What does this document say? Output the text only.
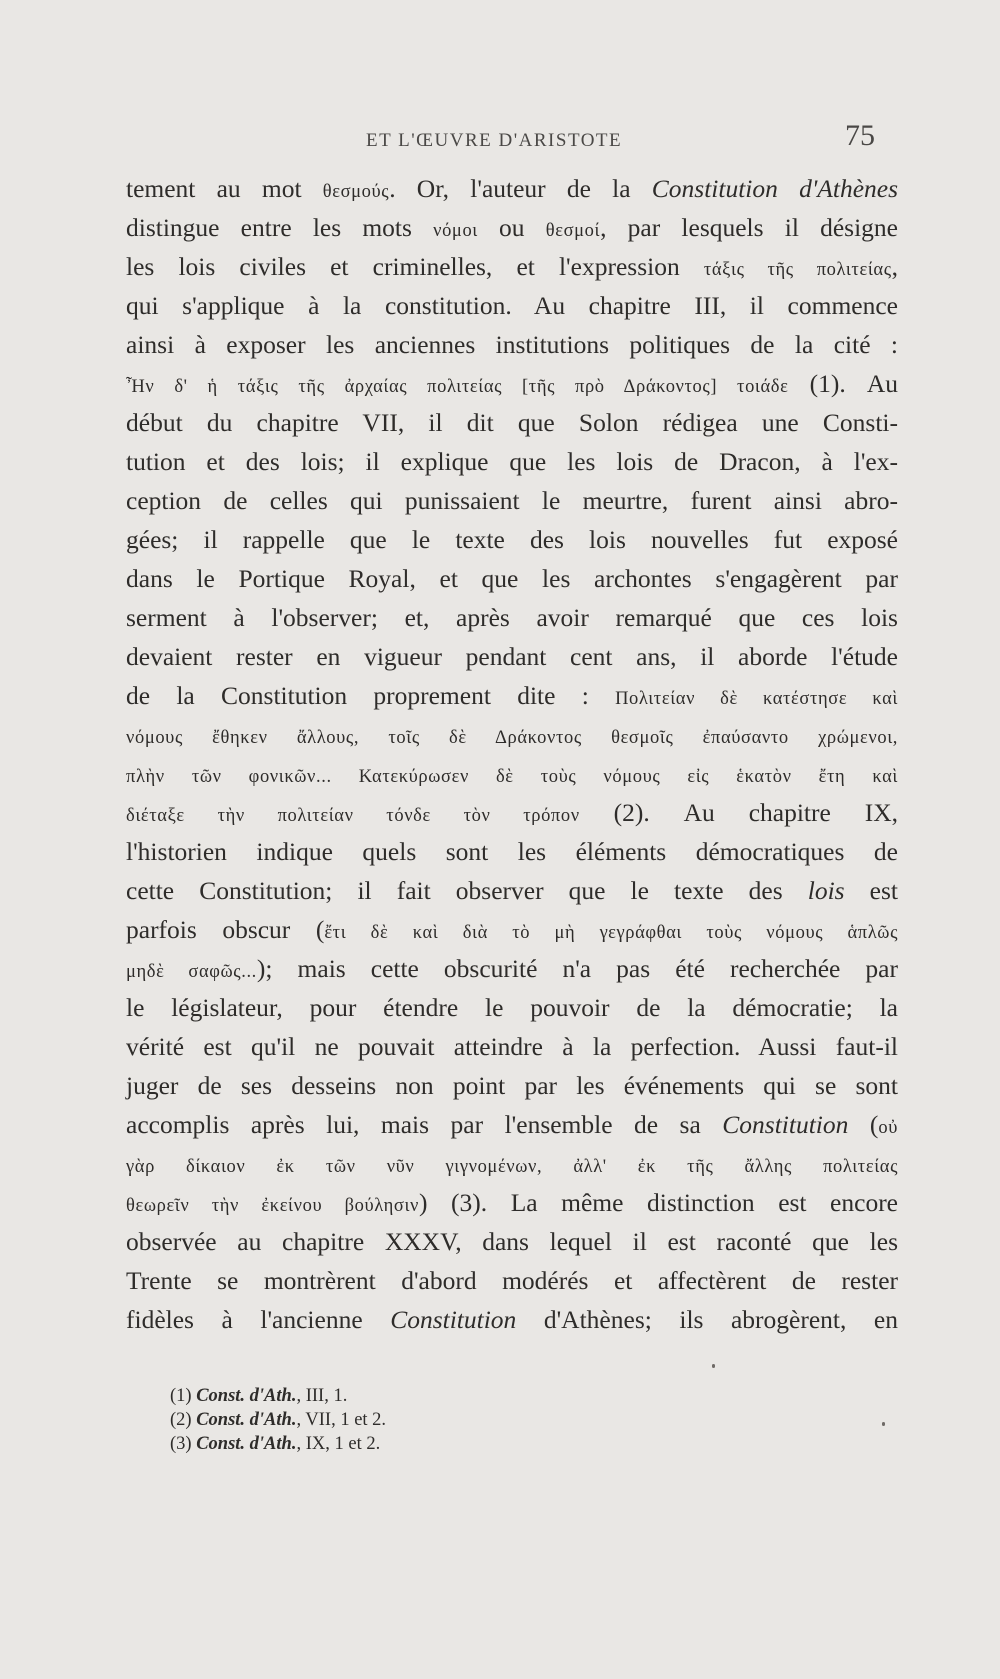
ET L'ŒUVRE D'ARISTOTE	75
tement au mot θεσμούς. Or, l'auteur de la Constitution d'Athènes
distingue entre les mots νόμοι ou θεσμοί, par lesquels il désigne
les lois civiles et criminelles, et l'expression τάξις τῆς πολιτείας,
qui s'applique à la constitution. Au chapitre III, il commence
ainsi à exposer les anciennes institutions politiques de la cité :
Ἦν δ' ἡ τάξις τῆς ἀρχαίας πολιτείας [τῆς πρὸ Δράκοντος] τοιάδε (1). Au
début du chapitre VII, il dit que Solon rédigea une Consti-
tution et des lois; il explique que les lois de Dracon, à l'ex-
ception de celles qui punissaient le meurtre, furent ainsi abro-
gées; il rappelle que le texte des lois nouvelles fut exposé
dans le Portique Royal, et que les archontes s'engagèrent par
serment à l'observer; et, après avoir remarqué que ces lois
devaient rester en vigueur pendant cent ans, il aborde l'étude
de la Constitution proprement dite : Πολιτείαν δὲ κατέστησε καὶ
νόμους ἔθηκεν ἄλλους, τοῖς δὲ Δράκοντος θεσμοῖς ἐπαύσαντο χρώμενοι,
πλὴν τῶν φονικῶν... Κατεκύρωσεν δὲ τοὺς νόμους εἰς ἑκατὸν ἔτη καὶ
διέταξε τὴν πολιτείαν τόνδε τὸν τρόπον (2). Au chapitre IX,
l'historien indique quels sont les éléments démocratiques de
cette Constitution; il fait observer que le texte des lois est
parfois obscur (ἔτι δὲ καὶ διὰ τὸ μὴ γεγράφθαι τοὺς νόμους ἁπλῶς
μηδὲ σαφῶς...); mais cette obscurité n'a pas été recherchée par
le législateur, pour étendre le pouvoir de la démocratie; la
vérité est qu'il ne pouvait atteindre à la perfection. Aussi faut-il
juger de ses desseins non point par les événements qui se sont
accomplis après lui, mais par l'ensemble de sa Constitution (οὐ
γὰρ δίκαιον ἐκ τῶν νῦν γιγνομένων, ἀλλ' ἐκ τῆς ἄλλης πολιτείας
θεωρεῖν τὴν ἐκείνου βούλησιν) (3). La même distinction est encore
observée au chapitre XXXV, dans lequel il est raconté que les
Trente se montrèrent d'abord modérés et affectèrent de rester
fidèles à l'ancienne Constitution d'Athènes; ils abrogèrent, en
(1) Const. d'Ath., III, 1.
(2) Const. d'Ath., VII, 1 et 2.
(3) Const. d'Ath., IX, 1 et 2.
